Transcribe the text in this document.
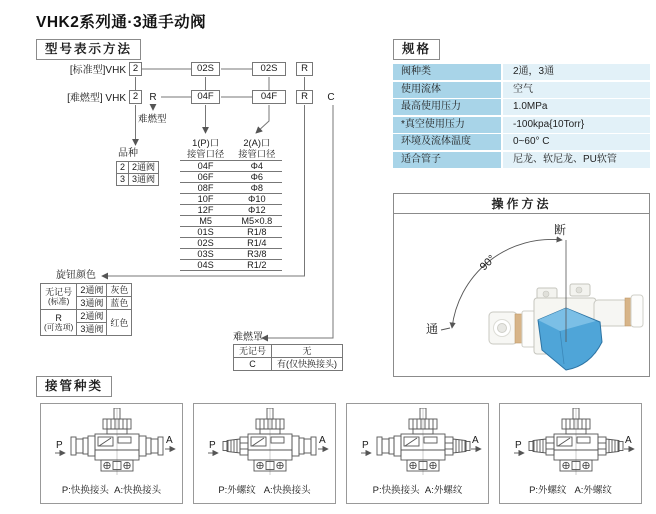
VHK2系列通·3通手动阀
型号表示方法
[标准型]VHK
[难燃型] VHK
2	02S	02S	R
2	R	04F	04F	R	C
难燃型
品种
旋钮颜色
难燃罩
2	2通阀
3	3通阀
1(P)口
接管口径

2(A)口
接管口径

04F	Φ4
06F	Φ6
08F	Φ8
10F	Φ10
12F	Φ12
M5	M5×0.8
01S	R1/8
02S	R1/4
03S	R3/8
04S	R1/2
无记号
(标准)	2通阀	灰色
	3通阀	蓝色

R
(可选项)	2通阀	红色
	3通阀	
无记号	无
C	有(仅快换接头)
规格
阀种类	2通，3通
使用流体	空气
最高使用压力	1.0MPa
*真空使用压力	-100kpa{10Torr}
环境及流体温度	0~60° C
适合管子	尼龙、软尼龙、PU软管
操作方法
90°
断
通
接管种类
P	A
P:快换接头  A:快换接头
P	A
P:外螺纹   A:快换接头
P	A
P:快换接头  A:外螺纹
P	A
P:外螺纹   A:外螺纹
